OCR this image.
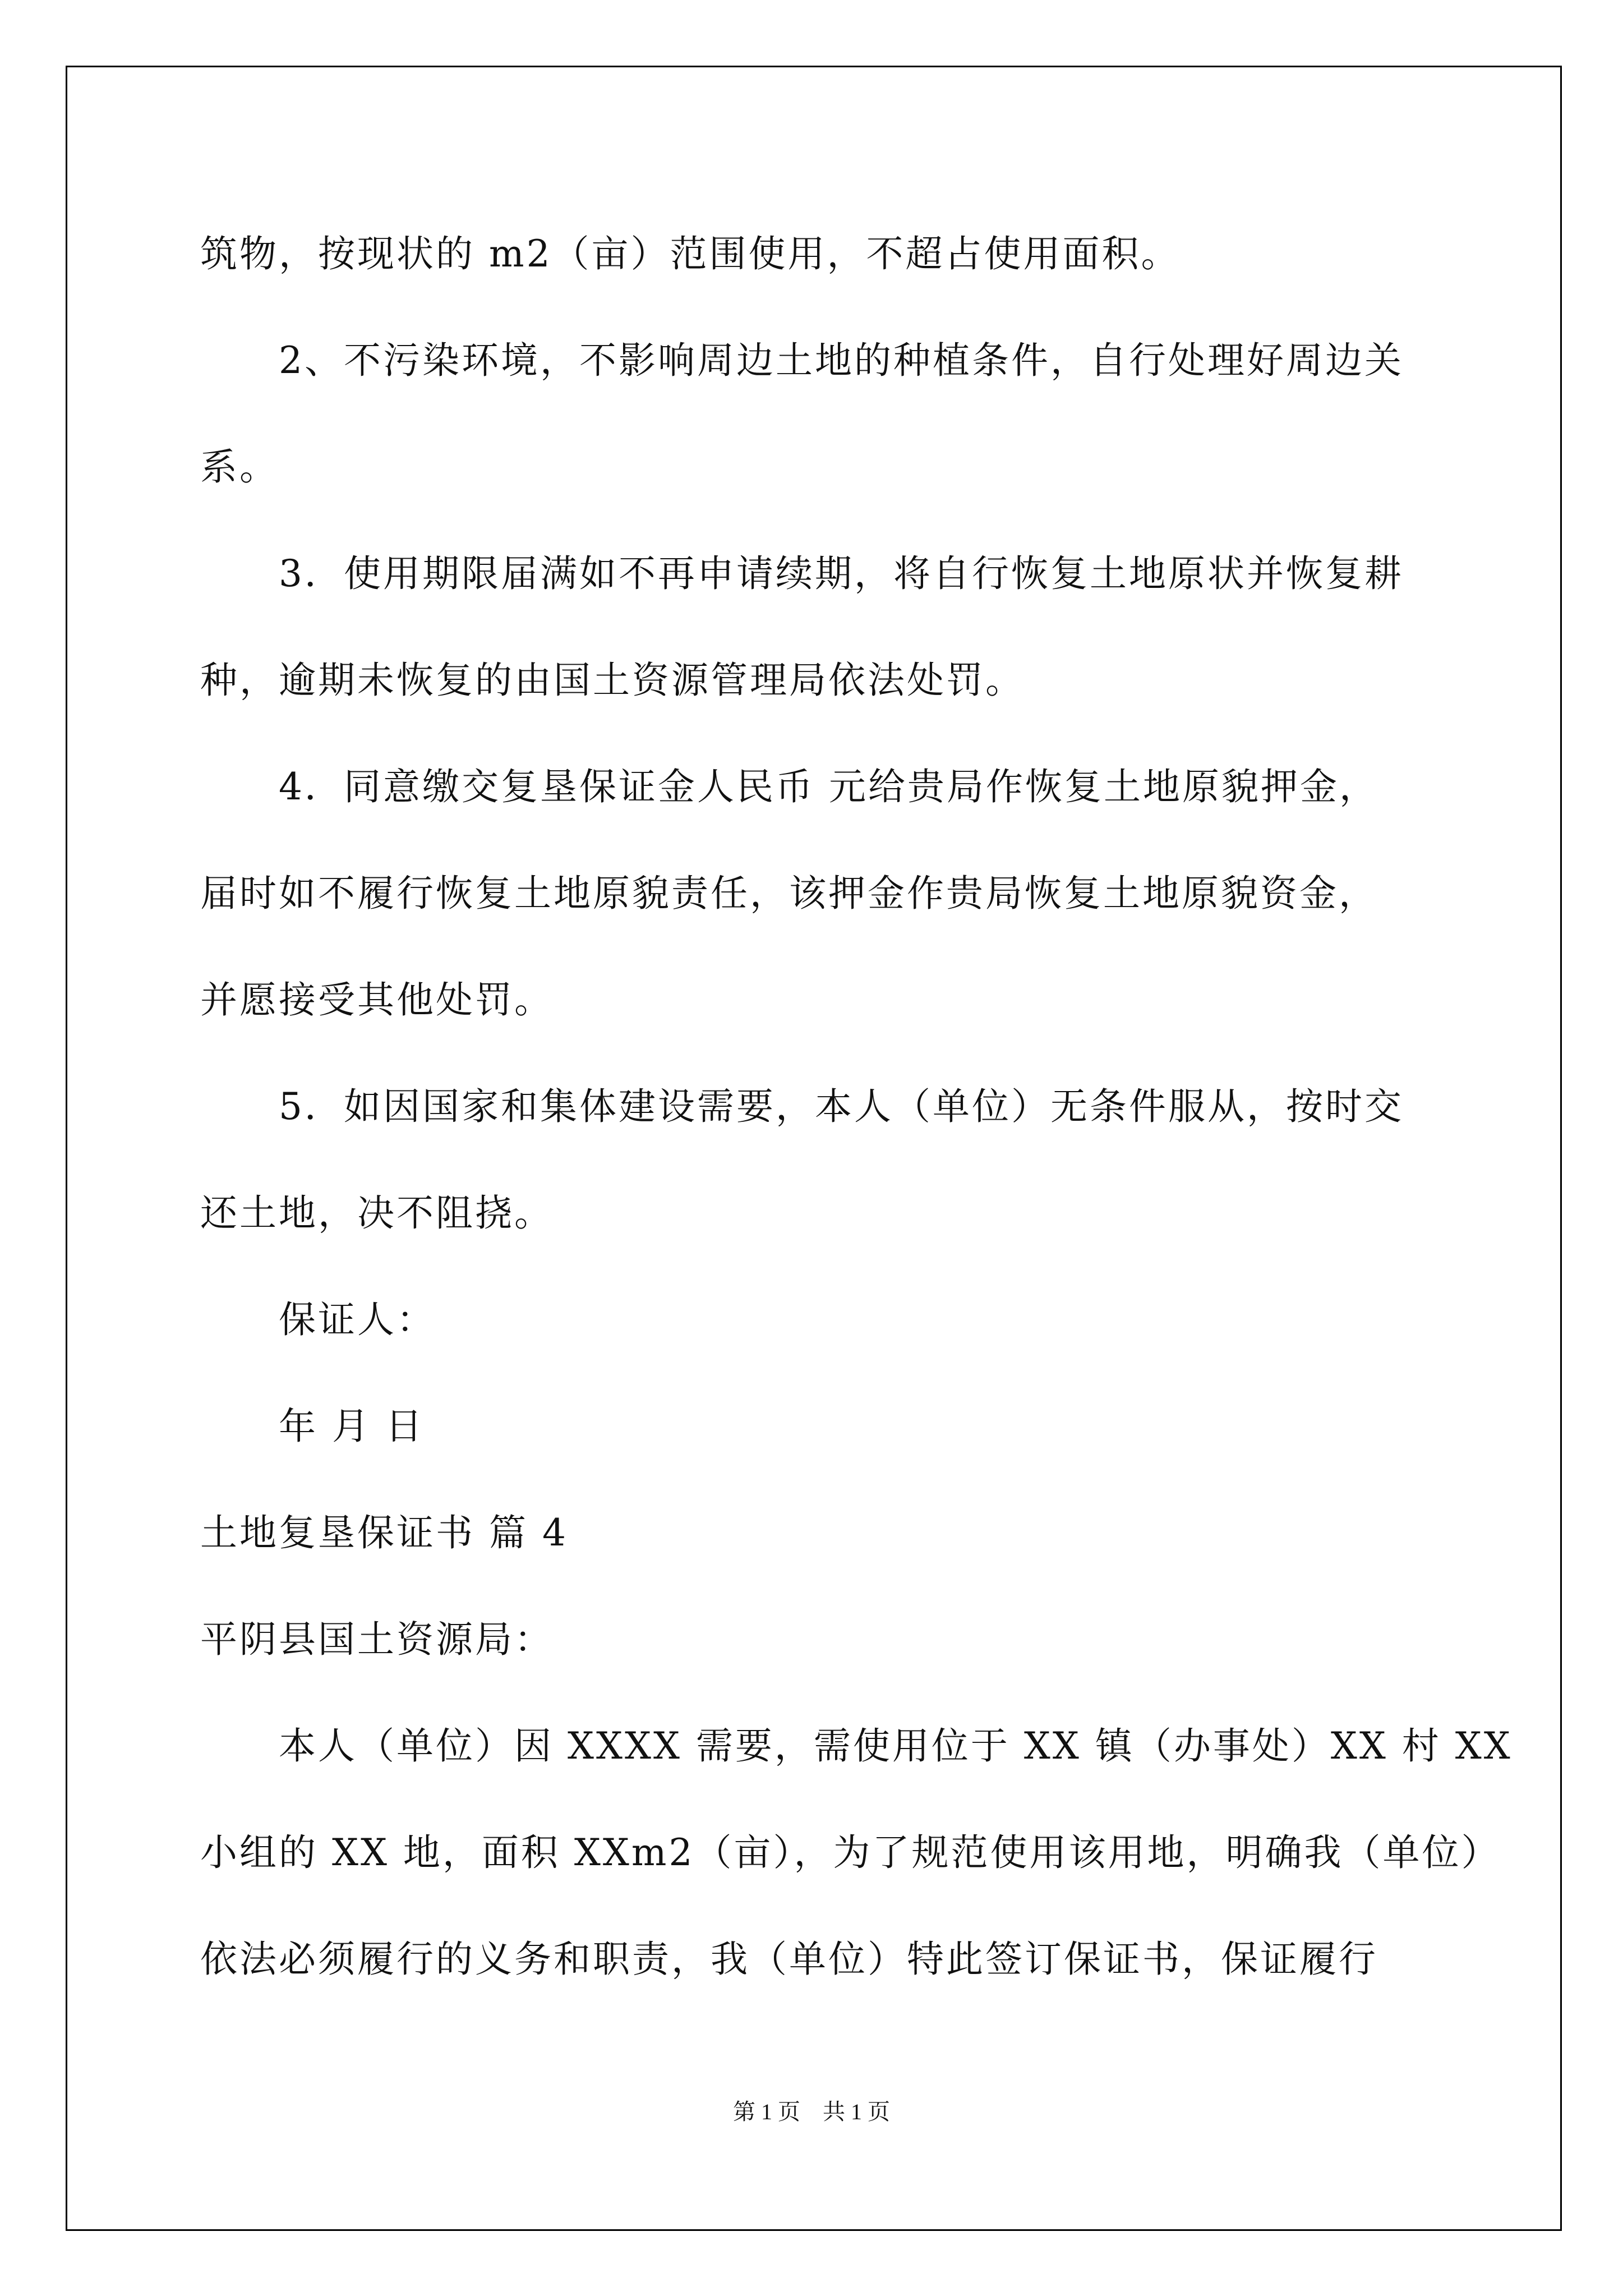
筑物，按现状的 m2（亩）范围使用，不超占使用面积。
2、不污染环境，不影响周边土地的种植条件，自行处理好周边关
系。
3．使用期限届满如不再申请续期，将自行恢复土地原状并恢复耕
种，逾期未恢复的由国土资源管理局依法处罚。
4．同意缴交复垦保证金人民币 元给贵局作恢复土地原貌押金，
届时如不履行恢复土地原貌责任，该押金作贵局恢复土地原貌资金，
并愿接受其他处罚。
5．如因国家和集体建设需要，本人（单位）无条件服从，按时交
还土地，决不阻挠。
保证人：
年 月 日
土地复垦保证书 篇 4
平阴县国土资源局：
本人（单位）因 XXXX 需要，需使用位于 XX 镇（办事处）XX 村 XX
小组的 XX 地，面积 XXm2（亩），为了规范使用该用地，明确我（单位）
依法必须履行的义务和职责，我（单位）特此签订保证书，保证履行
第 1 页    共 1 页
